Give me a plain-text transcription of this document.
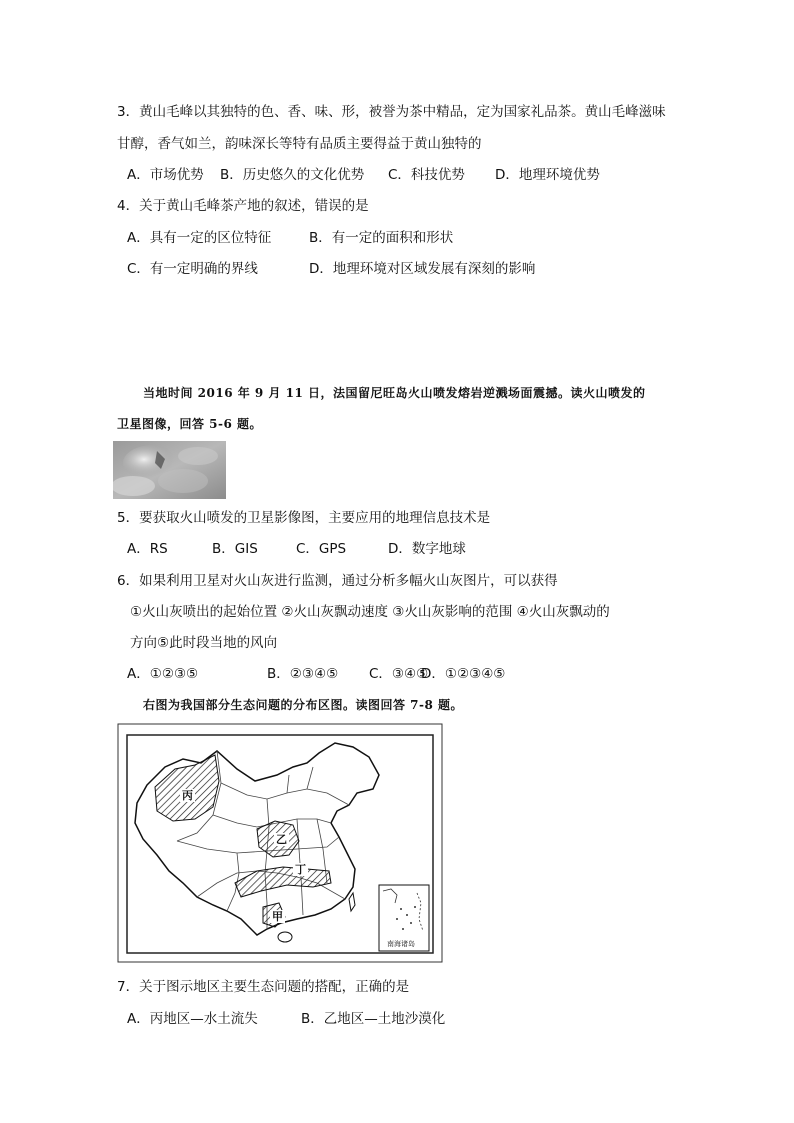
3．黄山毛峰以其独特的色、香、味、形，被誉为茶中精品，定为国家礼品茶。黄山毛峰滋味
甘醇，香气如兰，韵味深长等特有品质主要得益于黄山独特的
A．市场优势 B．历史悠久的文化优势 C．科技优势 D．地理环境优势
4．关于黄山毛峰茶产地的叙述，错误的是
A．具有一定的区位特征	B．有一定的面积和形状
C．有一定明确的界线	D．地理环境对区域发展有深刻的影响
当地时间 2016 年 9 月 11 日，法国留尼旺岛火山喷发熔岩逆溅场面震撼。读火山喷发的
卫星图像，回答 5-6 题。
5．要获取火山喷发的卫星影像图，主要应用的地理信息技术是
A．RS	B．GIS	C．GPS	D．数字地球
6．如果利用卫星对火山灰进行监测，通过分析多幅火山灰图片，可以获得
①火山灰喷出的起始位置 ②火山灰飘动速度 ③火山灰影响的范围 ④火山灰飘动的
方向⑤此时段当地的风向
A．①②③⑤	B．②③④⑤ C．③④⑤D．①②③④⑤
右图为我国部分生态问题的分布区图。读图回答 7-8 题。
丙
乙
丁
甲
南海诸岛
7．关于图示地区主要生态问题的搭配，正确的是
A．丙地区—水土流失	B．乙地区—土地沙漠化
